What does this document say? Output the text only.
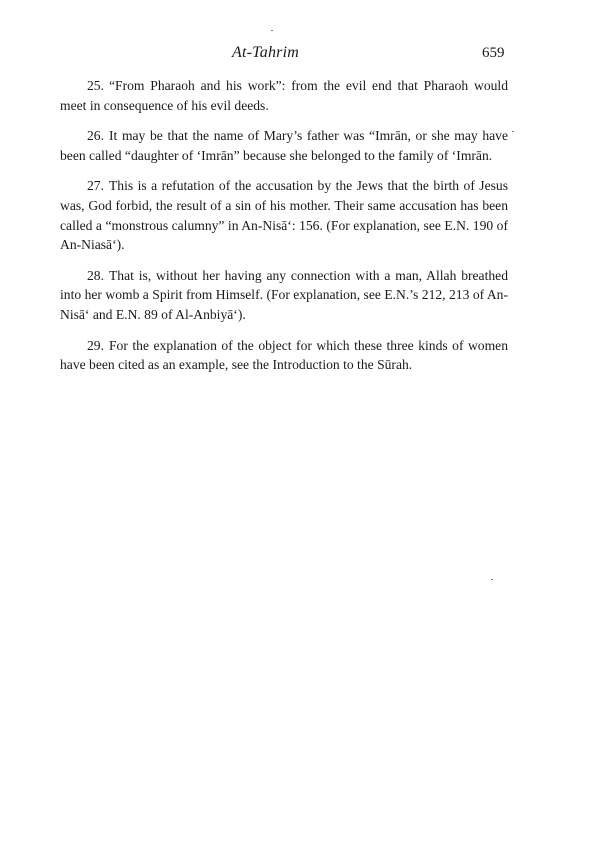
At-Tahrim	659

25. “From Pharaoh and his work”: from the evil end that Pharaoh would meet in consequence of his evil deeds.

26. It may be that the name of Mary’s father was “Imrān, or she may have been called “daughter of ‘Imrān” because she belonged to the family of ‘Imrān.

27. This is a refutation of the accusation by the Jews that the birth of Jesus was, God forbid, the result of a sin of his mother. Their same accusation has been called a “monstrous calumny” in An-Nisā‘: 156. (For explanation, see E.N. 190 of An-Niasā‘).

28. That is, without her having any connection with a man, Allah breathed into her womb a Spirit from Himself. (For explanation, see E.N.’s 212, 213 of An-Nisā‘ and E.N. 89 of Al-Anbiyā‘).

29. For the explanation of the object for which these three kinds of women have been cited as an example, see the Introduction to the Sūrah.
